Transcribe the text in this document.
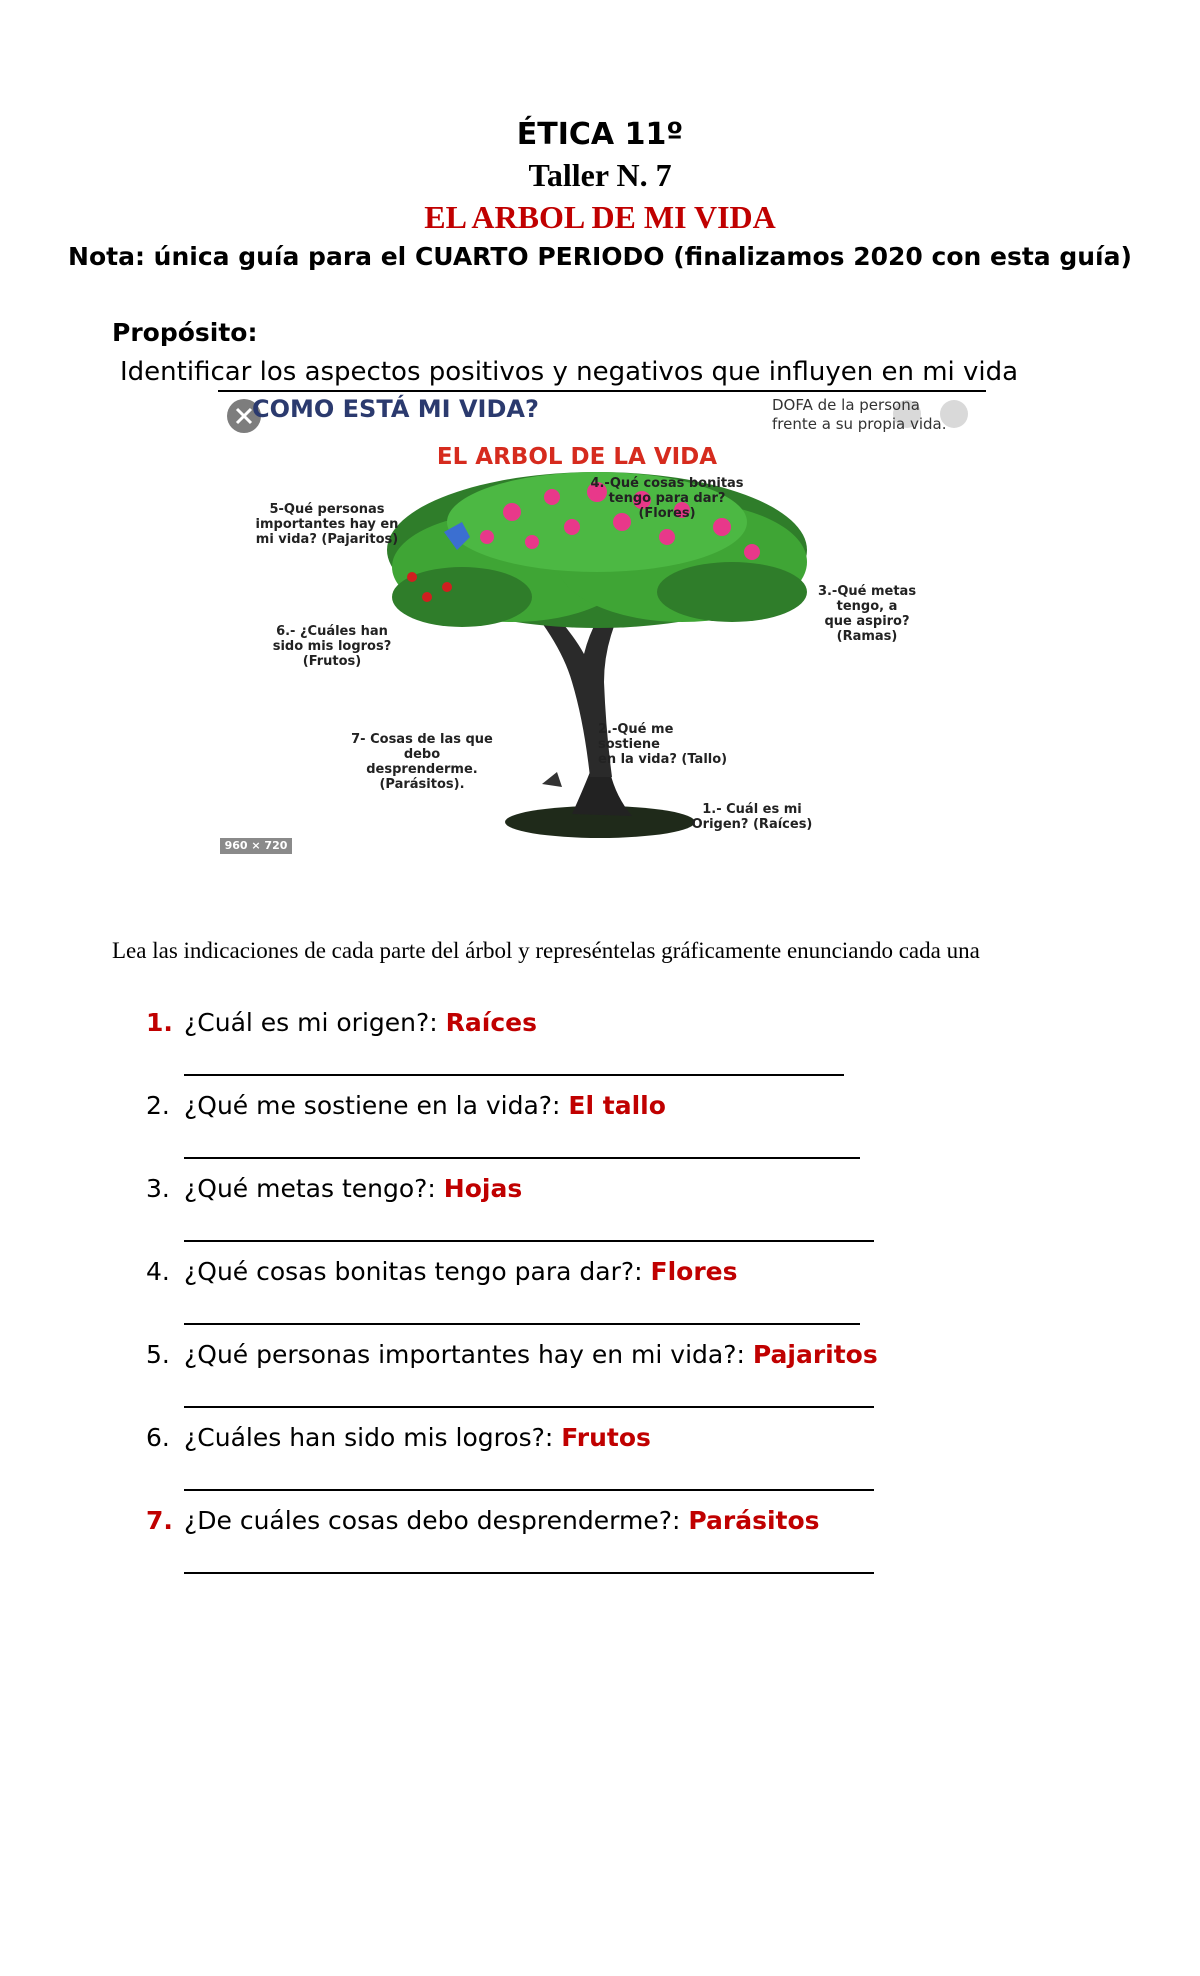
ÉTICA 11º
Taller N. 7
EL ARBOL DE MI VIDA
Nota: única guía para el CUARTO PERIODO (finalizamos 2020 con esta guía)
Propósito:
Identificar los aspectos positivos y negativos que influyen en mi vida
COMO ESTÁ MI VIDA?	DOFA de la persona
frente a su propia vida.
EL ARBOL DE LA VIDA
4.-Qué cosas bonitas
tengo para dar?
(Flores)
5-Qué personas
importantes hay en
mi vida? (Pajaritos)
3.-Qué metas
tengo, a
que aspiro?
(Ramas)
6.- ¿Cuáles han
sido mis logros?
(Frutos)
2.-Qué me
sostiene
en la vida? (Tallo)
7- Cosas de las que
debo
desprenderme.
(Parásitos).
1.- Cuál es mi
Origen? (Raíces)
960 × 720
Lea las indicaciones de cada parte del árbol y represéntelas gráficamente enunciando cada una
1. ¿Cuál es mi origen?: Raíces
2. ¿Qué me sostiene en la vida?: El tallo
3. ¿Qué metas tengo?: Hojas
4. ¿Qué cosas bonitas tengo para dar?: Flores
5. ¿Qué personas importantes hay en mi vida?: Pajaritos
6. ¿Cuáles han sido mis logros?: Frutos
7. ¿De cuáles cosas debo desprenderme?: Parásitos
